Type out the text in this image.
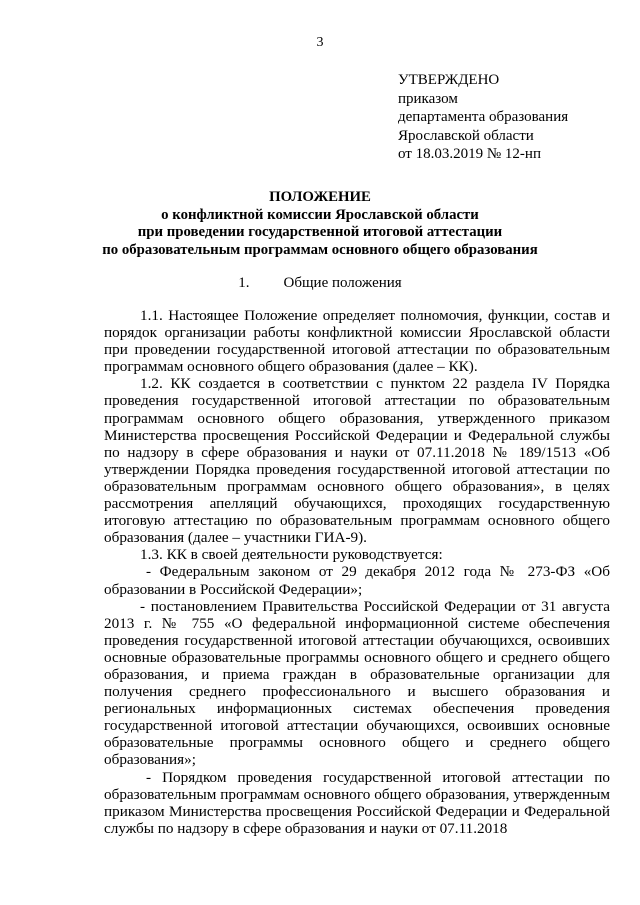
3
УТВЕРЖДЕНО
приказом
департамента образования
Ярославской области
от 18.03.2019 № 12-нп
ПОЛОЖЕНИЕ
о конфликтной комиссии Ярославской области
при проведении государственной итоговой аттестации
по образовательным программам основного общего образования
1. Общие положения

1.1. Настоящее Положение определяет полномочия, функции, состав и порядок организации работы конфликтной комиссии Ярославской области при проведении государственной итоговой аттестации по образовательным программам основного общего образования (далее – КК).

1.2. КК создается в соответствии с пунктом 22 раздела IV Порядка проведения государственной итоговой аттестации по образовательным программам основного общего образования, утвержденного приказом Министерства просвещения Российской Федерации и Федеральной службы по надзору в сфере образования и науки от 07.11.2018 № 189/1513 «Об утверждении Порядка проведения государственной итоговой аттестации по образовательным программам основного общего образования», в целях рассмотрения апелляций обучающихся, проходящих государственную итоговую аттестацию по образовательным программам основного общего образования (далее – участники ГИА-9).

1.3. КК в своей деятельности руководствуется:

- Федеральным законом от 29 декабря 2012 года № 273-ФЗ «Об образовании в Российской Федерации»;

- постановлением Правительства Российской Федерации от 31 августа 2013 г. № 755 «О федеральной информационной системе обеспечения проведения государственной итоговой аттестации обучающихся, освоивших основные образовательные программы основного общего и среднего общего образования, и приема граждан в образовательные организации для получения среднего профессионального и высшего образования и региональных информационных системах обеспечения проведения государственной итоговой аттестации обучающихся, освоивших основные образовательные программы основного общего и среднего общего образования»;

- Порядком проведения государственной итоговой аттестации по образовательным программам основного общего образования, утвержденным приказом Министерства просвещения Российской Федерации и Федеральной службы по надзору в сфере образования и науки от 07.11.2018
